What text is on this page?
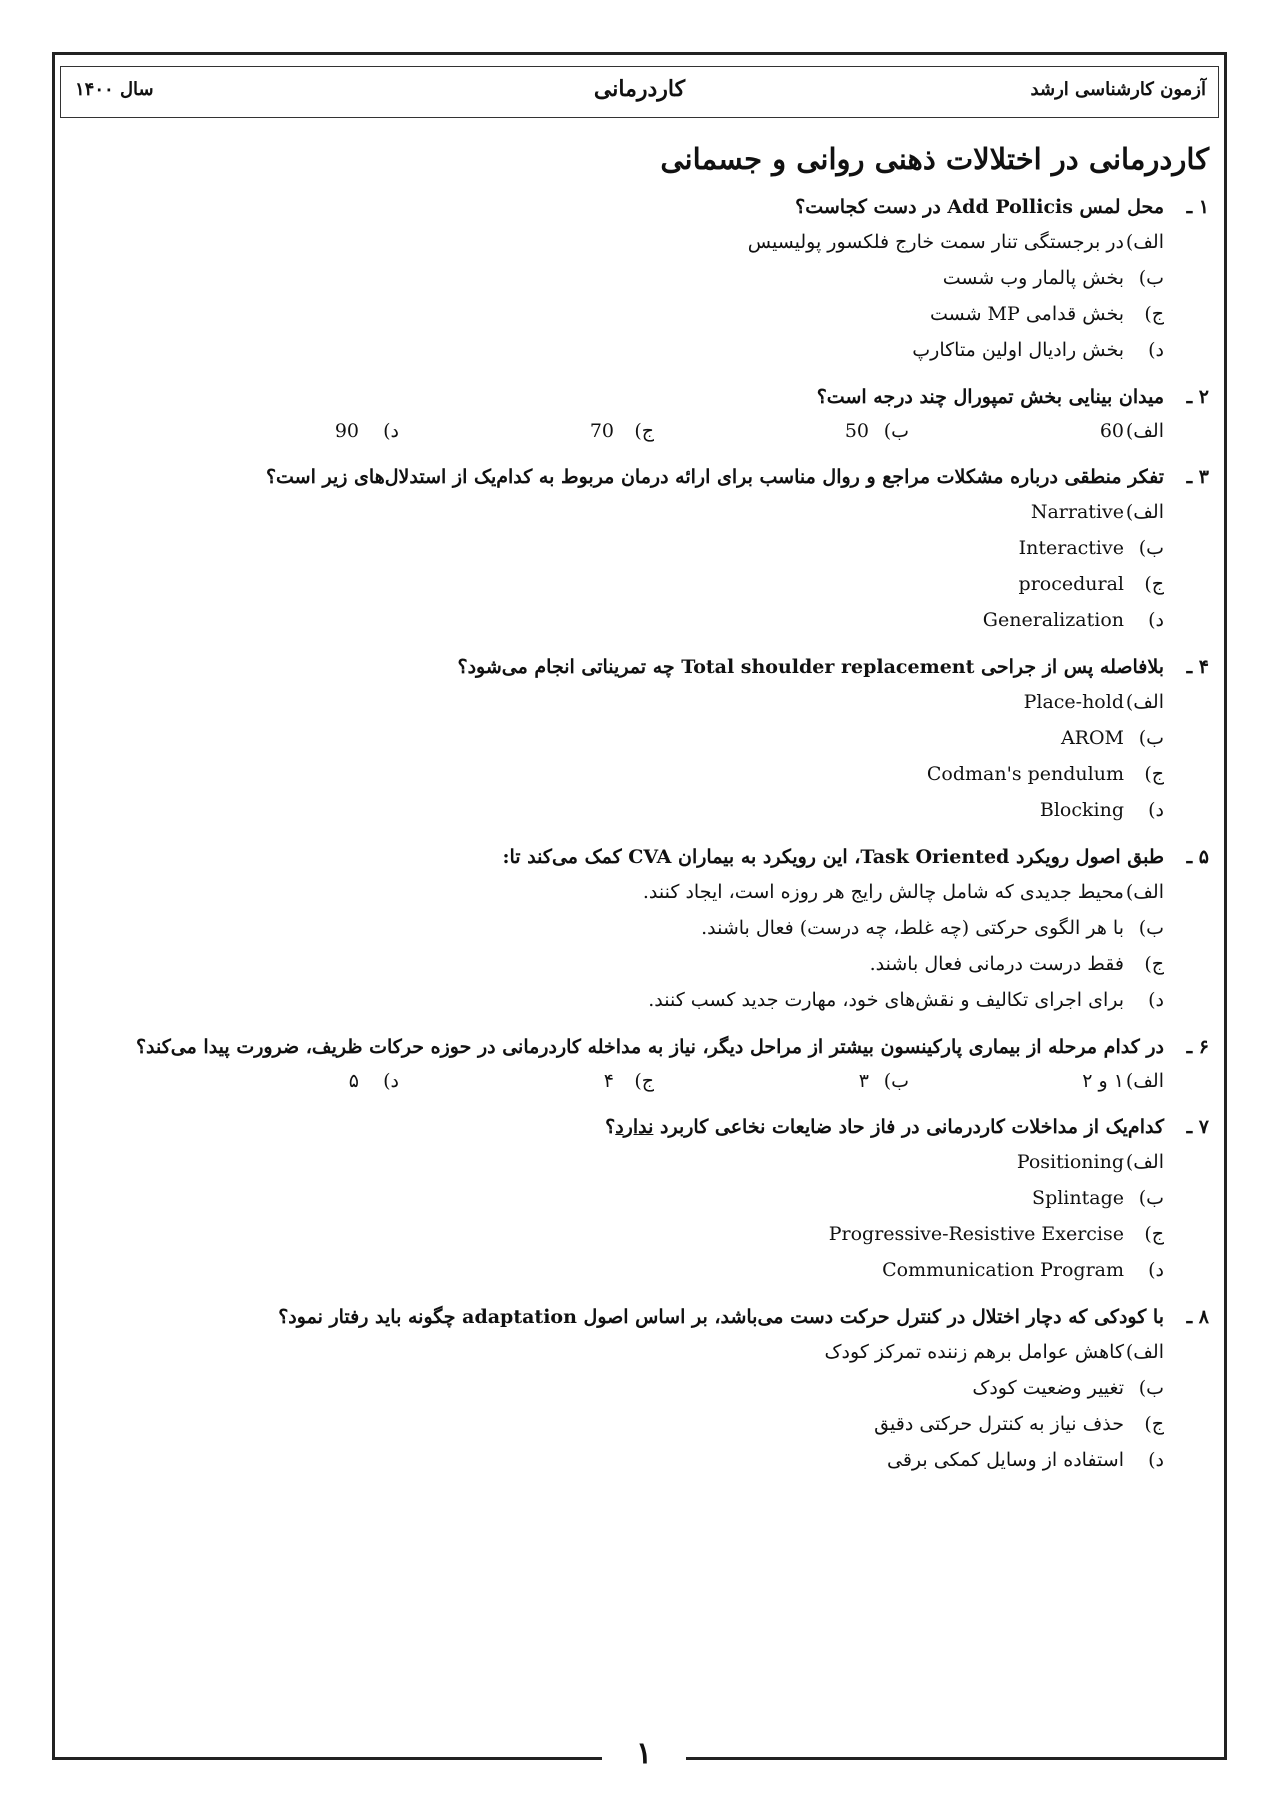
۱
آزمون کارشناسی ارشد
کاردرمانی
سال ۱۴۰۰
کاردرمانی در اختلالات ذهنی روانی و جسمانی
۱ ـ
محل لمس Add Pollicis در دست کجاست؟
الف)
در برجستگی تنار سمت خارج فلکسور پولیسیس
ب)
بخش پالمار وب شست
ج)
بخش قدامی MP شست
د)
بخش رادیال اولین متاکارپ
۲ ـ
میدان بینایی بخش تمپورال چند درجه است؟
الف)
60
ب)
50
ج)
70
د)
90
۳ ـ
تفکر منطقی درباره مشکلات مراجع و روال مناسب برای ارائه درمان مربوط به کدام‌یک از استدلال‌های زیر است؟
الف)
Narrative
ب)
Interactive
ج)
procedural
د)
Generalization
۴ ـ
بلافاصله پس از جراحی Total shoulder replacement چه تمریناتی انجام می‌شود؟
الف)
Place-hold
ب)
AROM
ج)
Codman's pendulum
د)
Blocking
۵ ـ
طبق اصول رویکرد Task Oriented، این رویکرد به بیماران CVA کمک می‌کند تا:
الف)
محیط جدیدی که شامل چالش رایج هر روزه است، ایجاد کنند.
ب)
با هر الگوی حرکتی (چه غلط، چه درست) فعال باشند.
ج)
فقط درست درمانی فعال باشند.
د)
برای اجرای تکالیف و نقش‌های خود، مهارت جدید کسب کنند.
۶ ـ
در کدام مرحله از بیماری پارکینسون بیشتر از مراحل دیگر، نیاز به مداخله کاردرمانی در حوزه حرکات ظریف، ضرورت پیدا می‌کند؟
الف)
۱ و ۲
ب)
۳
ج)
۴
د)
۵
۷ ـ
کدام‌یک از مداخلات کاردرمانی در فاز حاد ضایعات نخاعی کاربرد ندارد؟
الف)
Positioning
ب)
Splintage
ج)
Progressive-Resistive Exercise
د)
Communication Program
۸ ـ
با کودکی که دچار اختلال در کنترل حرکت دست می‌باشد، بر اساس اصول adaptation چگونه باید رفتار نمود؟
الف)
کاهش عوامل برهم زننده تمرکز کودک
ب)
تغییر وضعیت کودک
ج)
حذف نیاز به کنترل حرکتی دقیق
د)
استفاده از وسایل کمکی برقی
